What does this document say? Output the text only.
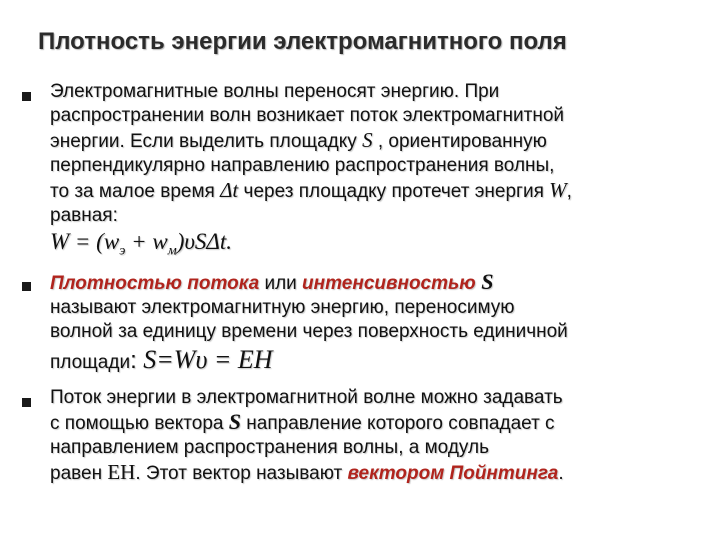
Плотность энергии электромагнитного поля
Электромагнитные волны переносят энергию. При
распространении волн возникает поток электромагнитной
энергии. Если выделить площадку S , ориентированную
перпендикулярно направлению распространения волны,
то за малое время Δt через площадку протечет энергия W,
равная:
$W = (w_э + w_м)\upsilon S\Delta t$.
Плотностью потока или интенсивностью S
называют электромагнитную энергию, переносимую
волной за единицу времени через поверхность единичной
площади: S=Wυ = EH
Поток энергии в электромагнитной волне можно задавать
с помощью вектора S направление которого совпадает с
направлением распространения волны, а модуль
равен EH. Этот вектор называют вектором Пойнтинга.
